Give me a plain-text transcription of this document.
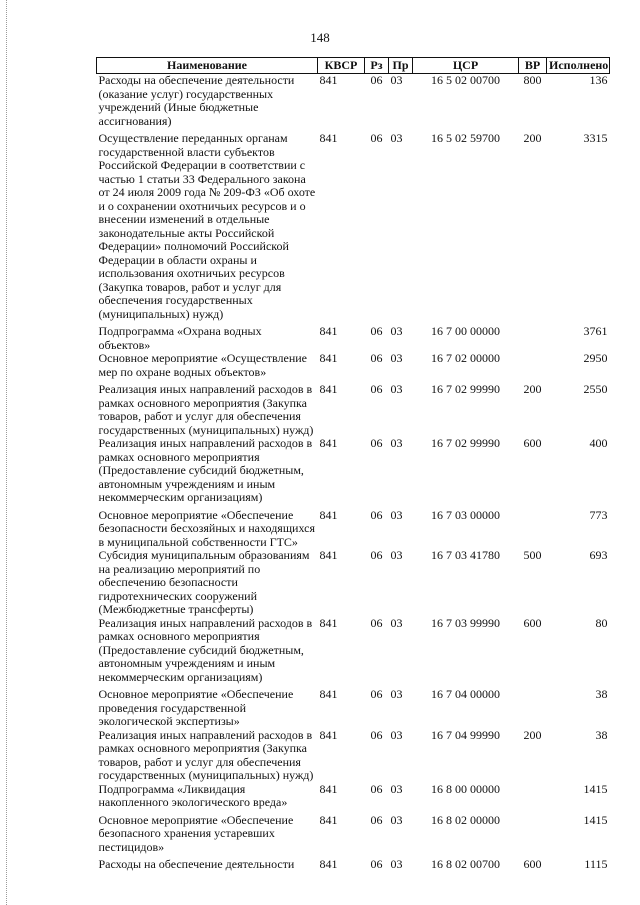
148
Наименование	КВСР	Рз	Пр	ЦСР	ВР	Исполнено
Расходы на обеспечение деятельности (оказание услуг) государственных учреждений (Иные бюджетные ассигнования)	841	06	03	16 5 02 00700	800	136
Осуществление переданных органам государственной власти субъектов Российской Федерации в соответствии с частью 1 статьи 33 Федерального закона от 24 июля 2009 года № 209-ФЗ «Об охоте и о сохранении охотничьих ресурсов и о внесении изменений в отдельные законодательные акты Российской Федерации» полномочий Российской Федерации в области охраны и использования охотничьих ресурсов (Закупка товаров, работ и услуг для обеспечения государственных (муниципальных) нужд)	841	06	03	16 5 02 59700	200	3315
Подпрограмма «Охрана водных объектов»	841	06	03	16 7 00 00000		3761
Основное мероприятие «Осуществление мер по охране водных объектов»	841	06	03	16 7 02 00000		2950
Реализация иных направлений расходов в рамках основного мероприятия (Закупка товаров, работ и услуг для обеспечения государственных (муниципальных) нужд)	841	06	03	16 7 02 99990	200	2550
Реализация иных направлений расходов в рамках основного мероприятия (Предоставление субсидий бюджетным, автономным учреждениям и иным некоммерческим организациям)	841	06	03	16 7 02 99990	600	400
Основное мероприятие «Обеспечение безопасности бесхозяйных и находящихся в муниципальной собственности ГТС»	841	06	03	16 7 03 00000		773
Субсидия муниципальным образованиям на реализацию мероприятий по обеспечению безопасности гидротехнических сооружений (Межбюджетные трансферты)	841	06	03	16 7 03 41780	500	693
Реализация иных направлений расходов в рамках основного мероприятия (Предоставление субсидий бюджетным, автономным учреждениям и иным некоммерческим организациям)	841	06	03	16 7 03 99990	600	80
Основное мероприятие «Обеспечение проведения государственной экологической экспертизы»	841	06	03	16 7 04 00000		38
Реализация иных направлений расходов в рамках основного мероприятия (Закупка товаров, работ и услуг для обеспечения государственных (муниципальных) нужд)	841	06	03	16 7 04 99990	200	38
Подпрограмма «Ликвидация накопленного экологического вреда»	841	06	03	16 8 00 00000		1415
Основное мероприятие «Обеспечение безопасного хранения устаревших пестицидов»	841	06	03	16 8 02 00000		1415
Расходы на обеспечение деятельности	841	06	03	16 8 02 00700	600	1115
